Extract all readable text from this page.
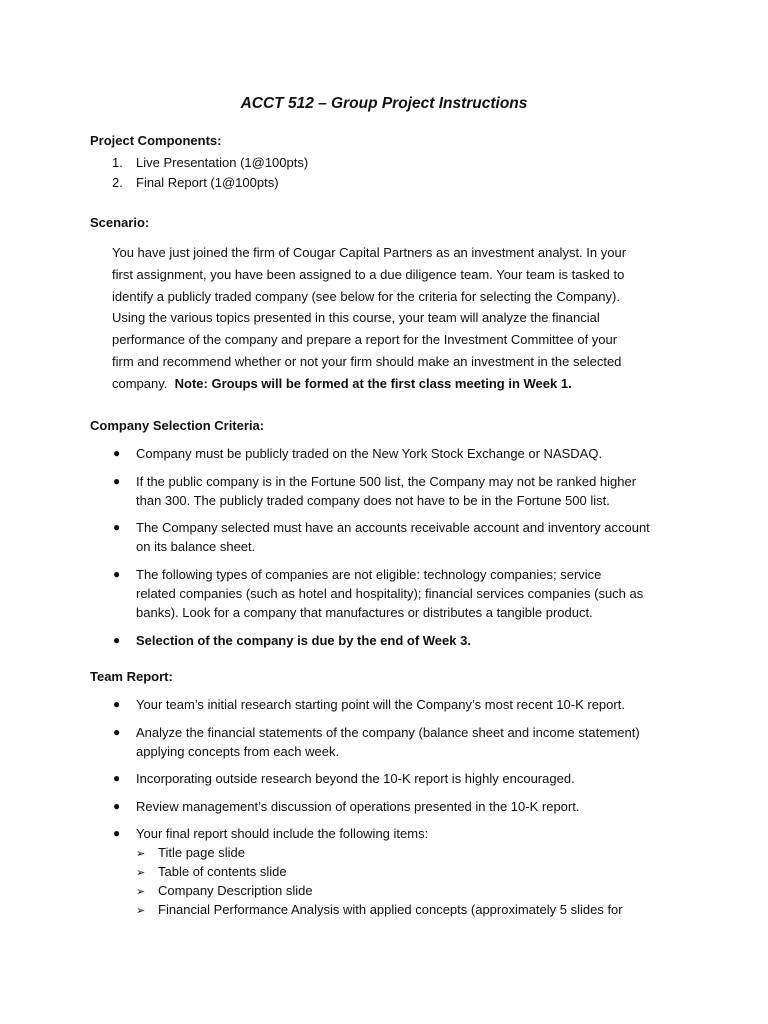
ACCT 512 – Group Project Instructions
Project Components:
1. Live Presentation (1@100pts)
2. Final Report (1@100pts)
Scenario:
You have just joined the firm of Cougar Capital Partners as an investment analyst. In your
first assignment, you have been assigned to a due diligence team. Your team is tasked to
identify a publicly traded company (see below for the criteria for selecting the Company).
Using the various topics presented in this course, your team will analyze the financial
performance of the company and prepare a report for the Investment Committee of your
firm and recommend whether or not your firm should make an investment in the selected
company.  Note: Groups will be formed at the first class meeting in Week 1.
Company Selection Criteria:
●	Company must be publicly traded on the New York Stock Exchange or NASDAQ.
●	If the public company is in the Fortune 500 list, the Company may not be ranked higher
than 300. The publicly traded company does not have to be in the Fortune 500 list.
●	The Company selected must have an accounts receivable account and inventory account
on its balance sheet.
●	The following types of companies are not eligible: technology companies; service
related companies (such as hotel and hospitality); financial services companies (such as
banks). Look for a company that manufactures or distributes a tangible product.
●	Selection of the company is due by the end of Week 3.
Team Report:
●	Your team’s initial research starting point will the Company’s most recent 10-K report.
●	Analyze the financial statements of the company (balance sheet and income statement)
applying concepts from each week.
●	Incorporating outside research beyond the 10-K report is highly encouraged.
●	Review management’s discussion of operations presented in the 10-K report.
●	Your final report should include the following items:
➢ Title page slide
➢ Table of contents slide
➢ Company Description slide
➢ Financial Performance Analysis with applied concepts (approximately 5 slides for
